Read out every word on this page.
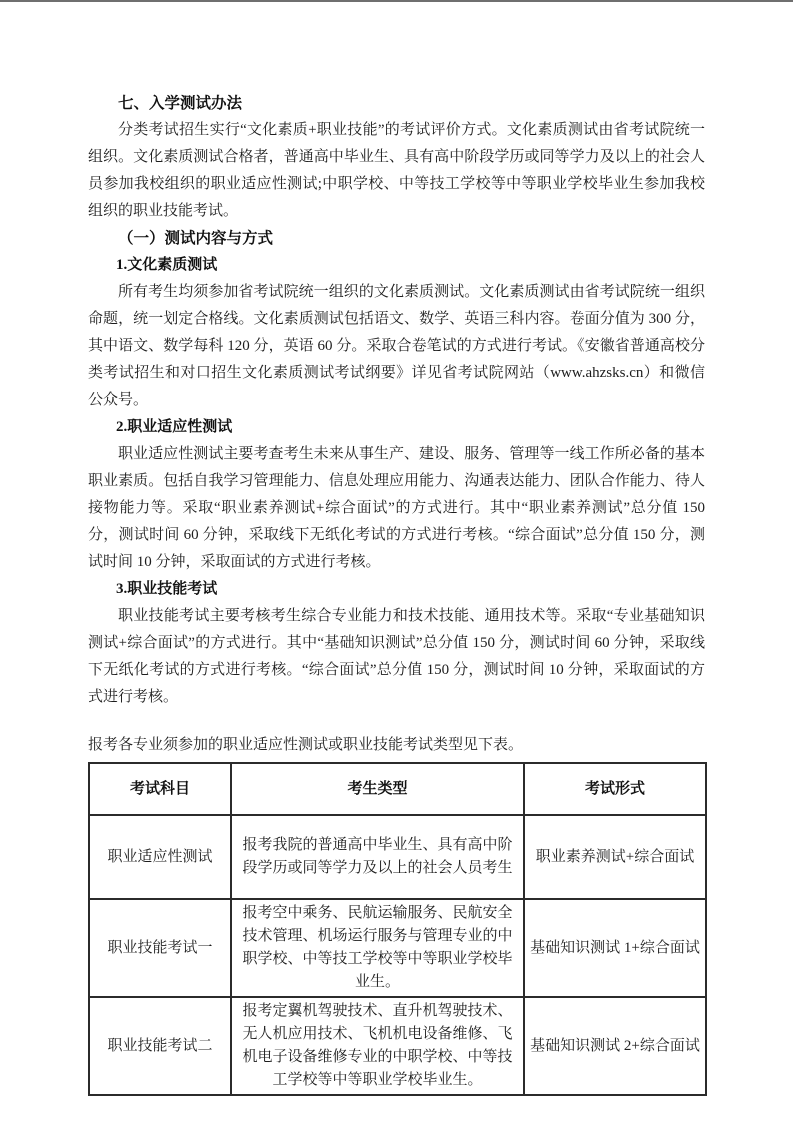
七、入学测试办法

分类考试招生实行“文化素质+职业技能”的考试评价方式。文化素质测试由省考试院统一组织。文化素质测试合格者，普通高中毕业生、具有高中阶段学历或同等学力及以上的社会人员参加我校组织的职业适应性测试;中职学校、中等技工学校等中等职业学校毕业生参加我校组织的职业技能考试。

（一）测试内容与方式
1.文化素质测试

所有考生均须参加省考试院统一组织的文化素质测试。文化素质测试由省考试院统一组织命题，统一划定合格线。文化素质测试包括语文、数学、英语三科内容。卷面分值为 300 分，其中语文、数学每科 120 分，英语 60 分。采取合卷笔试的方式进行考试。《安徽省普通高校分类考试招生和对口招生文化素质测试考试纲要》详见省考试院网站（www.ahzsks.cn）和微信公众号。

2.职业适应性测试

职业适应性测试主要考查考生未来从事生产、建设、服务、管理等一线工作所必备的基本职业素质。包括自我学习管理能力、信息处理应用能力、沟通表达能力、团队合作能力、待人接物能力等。采取“职业素养测试+综合面试”的方式进行。其中“职业素养测试”总分值 150 分，测试时间 60 分钟，采取线下无纸化考试的方式进行考核。“综合面试”总分值 150 分，测试时间 10 分钟，采取面试的方式进行考核。

3.职业技能考试

职业技能考试主要考核考生综合专业能力和技术技能、通用技术等。采取“专业基础知识测试+综合面试”的方式进行。其中“基础知识测试”总分值 150 分，测试时间 60 分钟，采取线下无纸化考试的方式进行考核。“综合面试”总分值 150 分，测试时间 10 分钟，采取面试的方式进行考核。

报考各专业须参加的职业适应性测试或职业技能考试类型见下表。

考试科目	考生类型	考试形式
职业适应性测试	报考我院的普通高中毕业生、具有高中阶段学历或同等学力及以上的社会人员考生	职业素养测试+综合面试
职业技能考试一	报考空中乘务、民航运输服务、民航安全技术管理、机场运行服务与管理专业的中职学校、中等技工学校等中等职业学校毕业生。	基础知识测试 1+综合面试
职业技能考试二	报考定翼机驾驶技术、直升机驾驶技术、无人机应用技术、飞机机电设备维修、飞机电子设备维修专业的中职学校、中等技工学校等中等职业学校毕业生。	基础知识测试 2+综合面试
